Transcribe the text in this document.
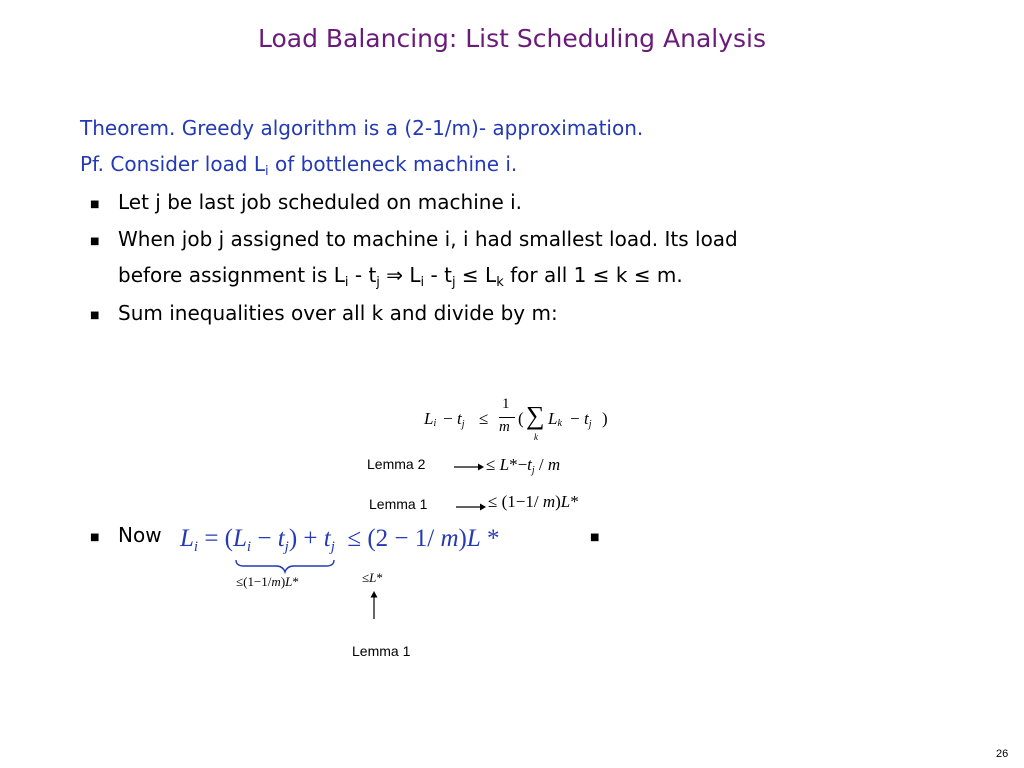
Load Balancing: List Scheduling Analysis
Theorem. Greedy algorithm is a (2-1/m)- approximation.
Pf. Consider load $L_i$ of bottleneck machine i.
■ Let j be last job scheduled on machine i.
■ When job j assigned to machine i, i had smallest load. Its load
before assignment is $L_i - t_j$ ⇒ $L_i - t_j \le L_k$ for all 1 ≤ k ≤ m.
■ Sum inequalities over all k and divide by m:
$L_i - t_j$ ≤
1
m ( ∑
k
$L_k - t_j$ )
Lemma 2	≤ $L*-t_j / m$
Lemma 1	≤ (1−1/ m)L*
■ Now $L_i = (L_i - t_j) + t_j \le (2 - 1/$ m)L *	■
≤(1−1/m)L*	≤L*
Lemma 1
26
